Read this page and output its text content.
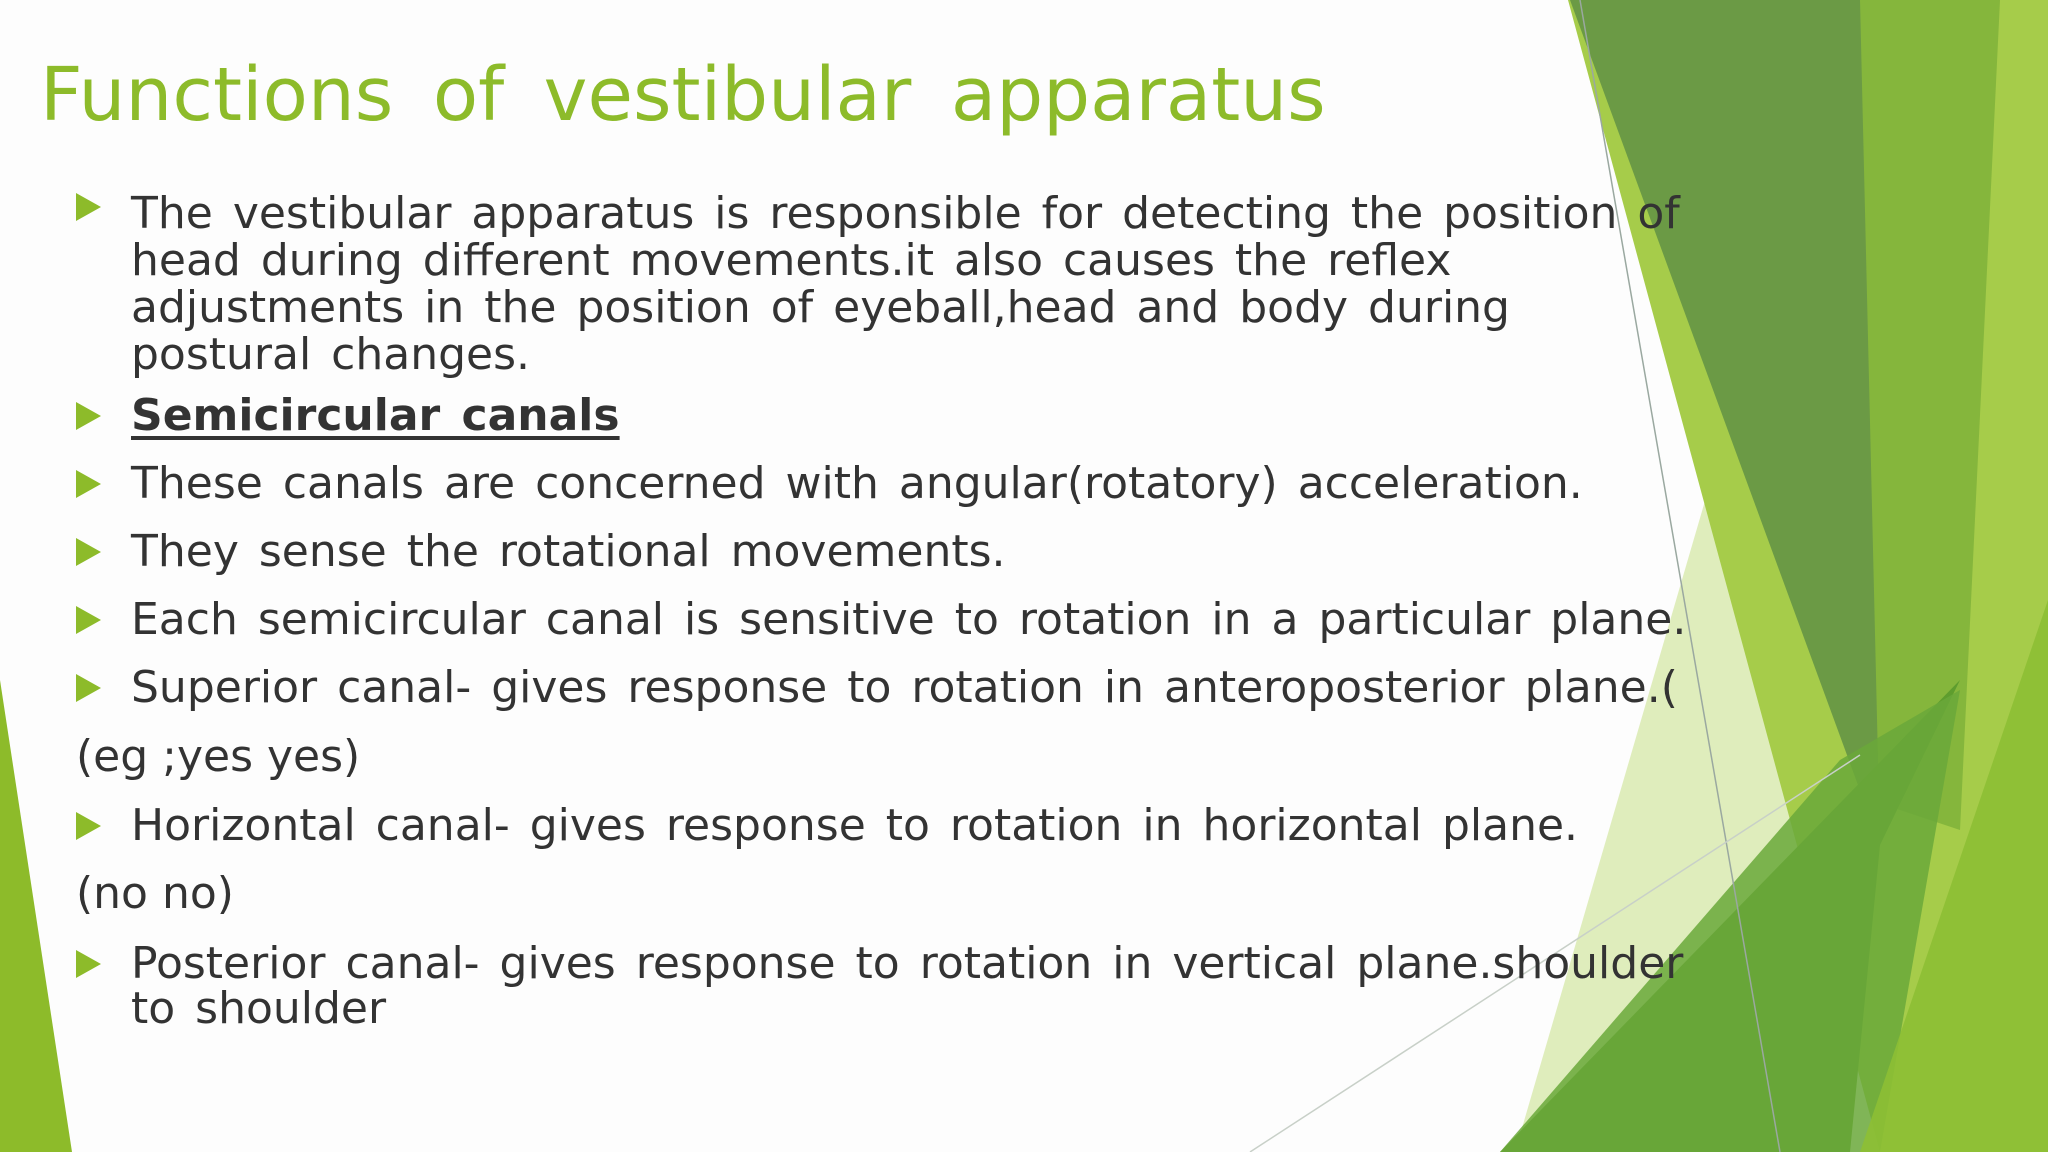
Functions of vestibular apparatus
The vestibular apparatus is responsible for detecting the position of
head during different movements.it also causes the reflex
adjustments in the position of eyeball,head and body during
postural changes.
Semicircular canals
These canals are concerned with angular(rotatory) acceleration.
They sense the rotational movements.
Each semicircular canal is sensitive to rotation in a particular plane.
Superior canal- gives response to rotation in anteroposterior plane.(
(eg ;yes yes)
Horizontal canal- gives response to rotation in horizontal plane.
(no no)
Posterior canal- gives response to rotation in vertical plane.shoulder
to shoulder
